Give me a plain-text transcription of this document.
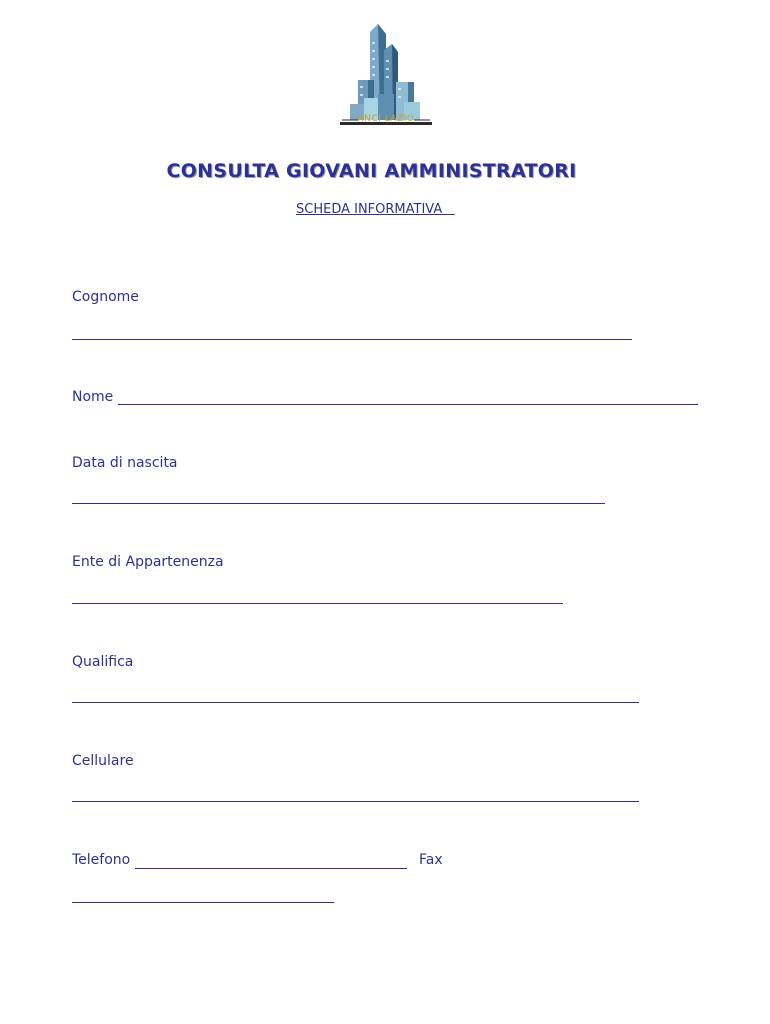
ANCI LAZIO
CONSULTA GIOVANI AMMINISTRATORI
SCHEDA INFORMATIVA
Cognome
Nome
Data di nascita
Ente di Appartenenza
Qualifica
Cellulare
Telefono	Fax
